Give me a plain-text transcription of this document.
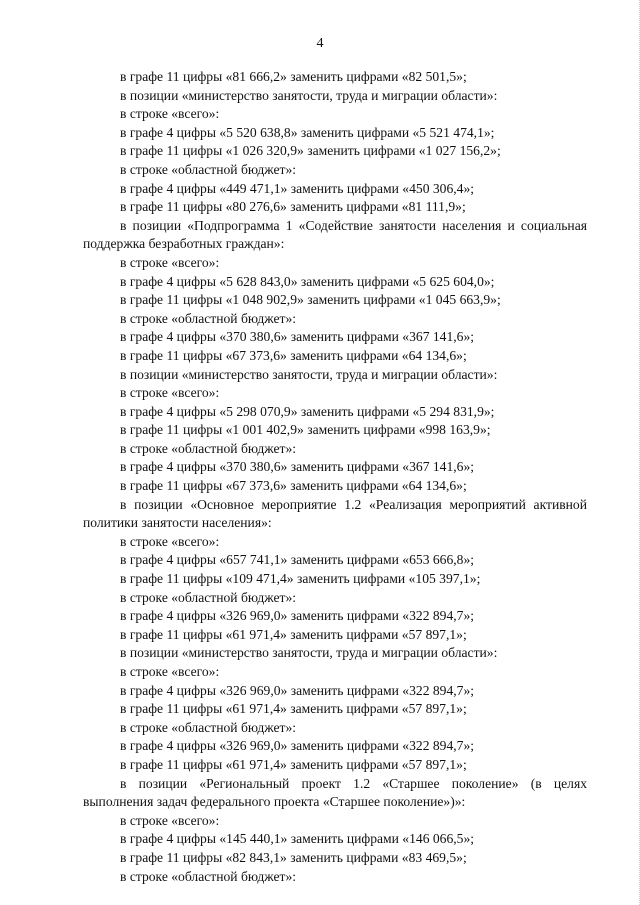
4

в графе 11 цифры «81 666,2» заменить цифрами «82 501,5»;

в позиции «министерство занятости, труда и миграции области»:

в строке «всего»:

в графе 4 цифры «5 520 638,8» заменить цифрами «5 521 474,1»;

в графе 11 цифры «1 026 320,9» заменить цифрами «1 027 156,2»;

в строке «областной бюджет»:

в графе 4 цифры «449 471,1» заменить цифрами «450 306,4»;

в графе 11 цифры «80 276,6» заменить цифрами «81 111,9»;

в позиции «Подпрограмма 1 «Содействие занятости населения и социальная

поддержка безработных граждан»:

в строке «всего»:

в графе 4 цифры «5 628 843,0» заменить цифрами «5 625 604,0»;

в графе 11 цифры «1 048 902,9» заменить цифрами «1 045 663,9»;

в строке «областной бюджет»:

в графе 4 цифры «370 380,6» заменить цифрами «367 141,6»;

в графе 11 цифры «67 373,6» заменить цифрами «64 134,6»;

в позиции «министерство занятости, труда и миграции области»:

в строке «всего»:

в графе 4 цифры «5 298 070,9» заменить цифрами «5 294 831,9»;

в графе 11 цифры «1 001 402,9» заменить цифрами «998 163,9»;

в строке «областной бюджет»:

в графе 4 цифры «370 380,6» заменить цифрами «367 141,6»;

в графе 11 цифры «67 373,6» заменить цифрами «64 134,6»;

в позиции «Основное мероприятие 1.2 «Реализация мероприятий активной

политики занятости населения»:

в строке «всего»:

в графе 4 цифры «657 741,1» заменить цифрами «653 666,8»;

в графе 11 цифры «109 471,4» заменить цифрами «105 397,1»;

в строке «областной бюджет»:

в графе 4 цифры «326 969,0» заменить цифрами «322 894,7»;

в графе 11 цифры «61 971,4» заменить цифрами «57 897,1»;

в позиции «министерство занятости, труда и миграции области»:

в строке «всего»:

в графе 4 цифры «326 969,0» заменить цифрами «322 894,7»;

в графе 11 цифры «61 971,4» заменить цифрами «57 897,1»;

в строке «областной бюджет»:

в графе 4 цифры «326 969,0» заменить цифрами «322 894,7»;

в графе 11 цифры «61 971,4» заменить цифрами «57 897,1»;

в позиции «Региональный проект 1.2 «Старшее поколение» (в целях

выполнения задач федерального проекта «Старшее поколение»)»:

в строке «всего»:

в графе 4 цифры «145 440,1» заменить цифрами «146 066,5»;

в графе 11 цифры «82 843,1» заменить цифрами «83 469,5»;

в строке «областной бюджет»:
